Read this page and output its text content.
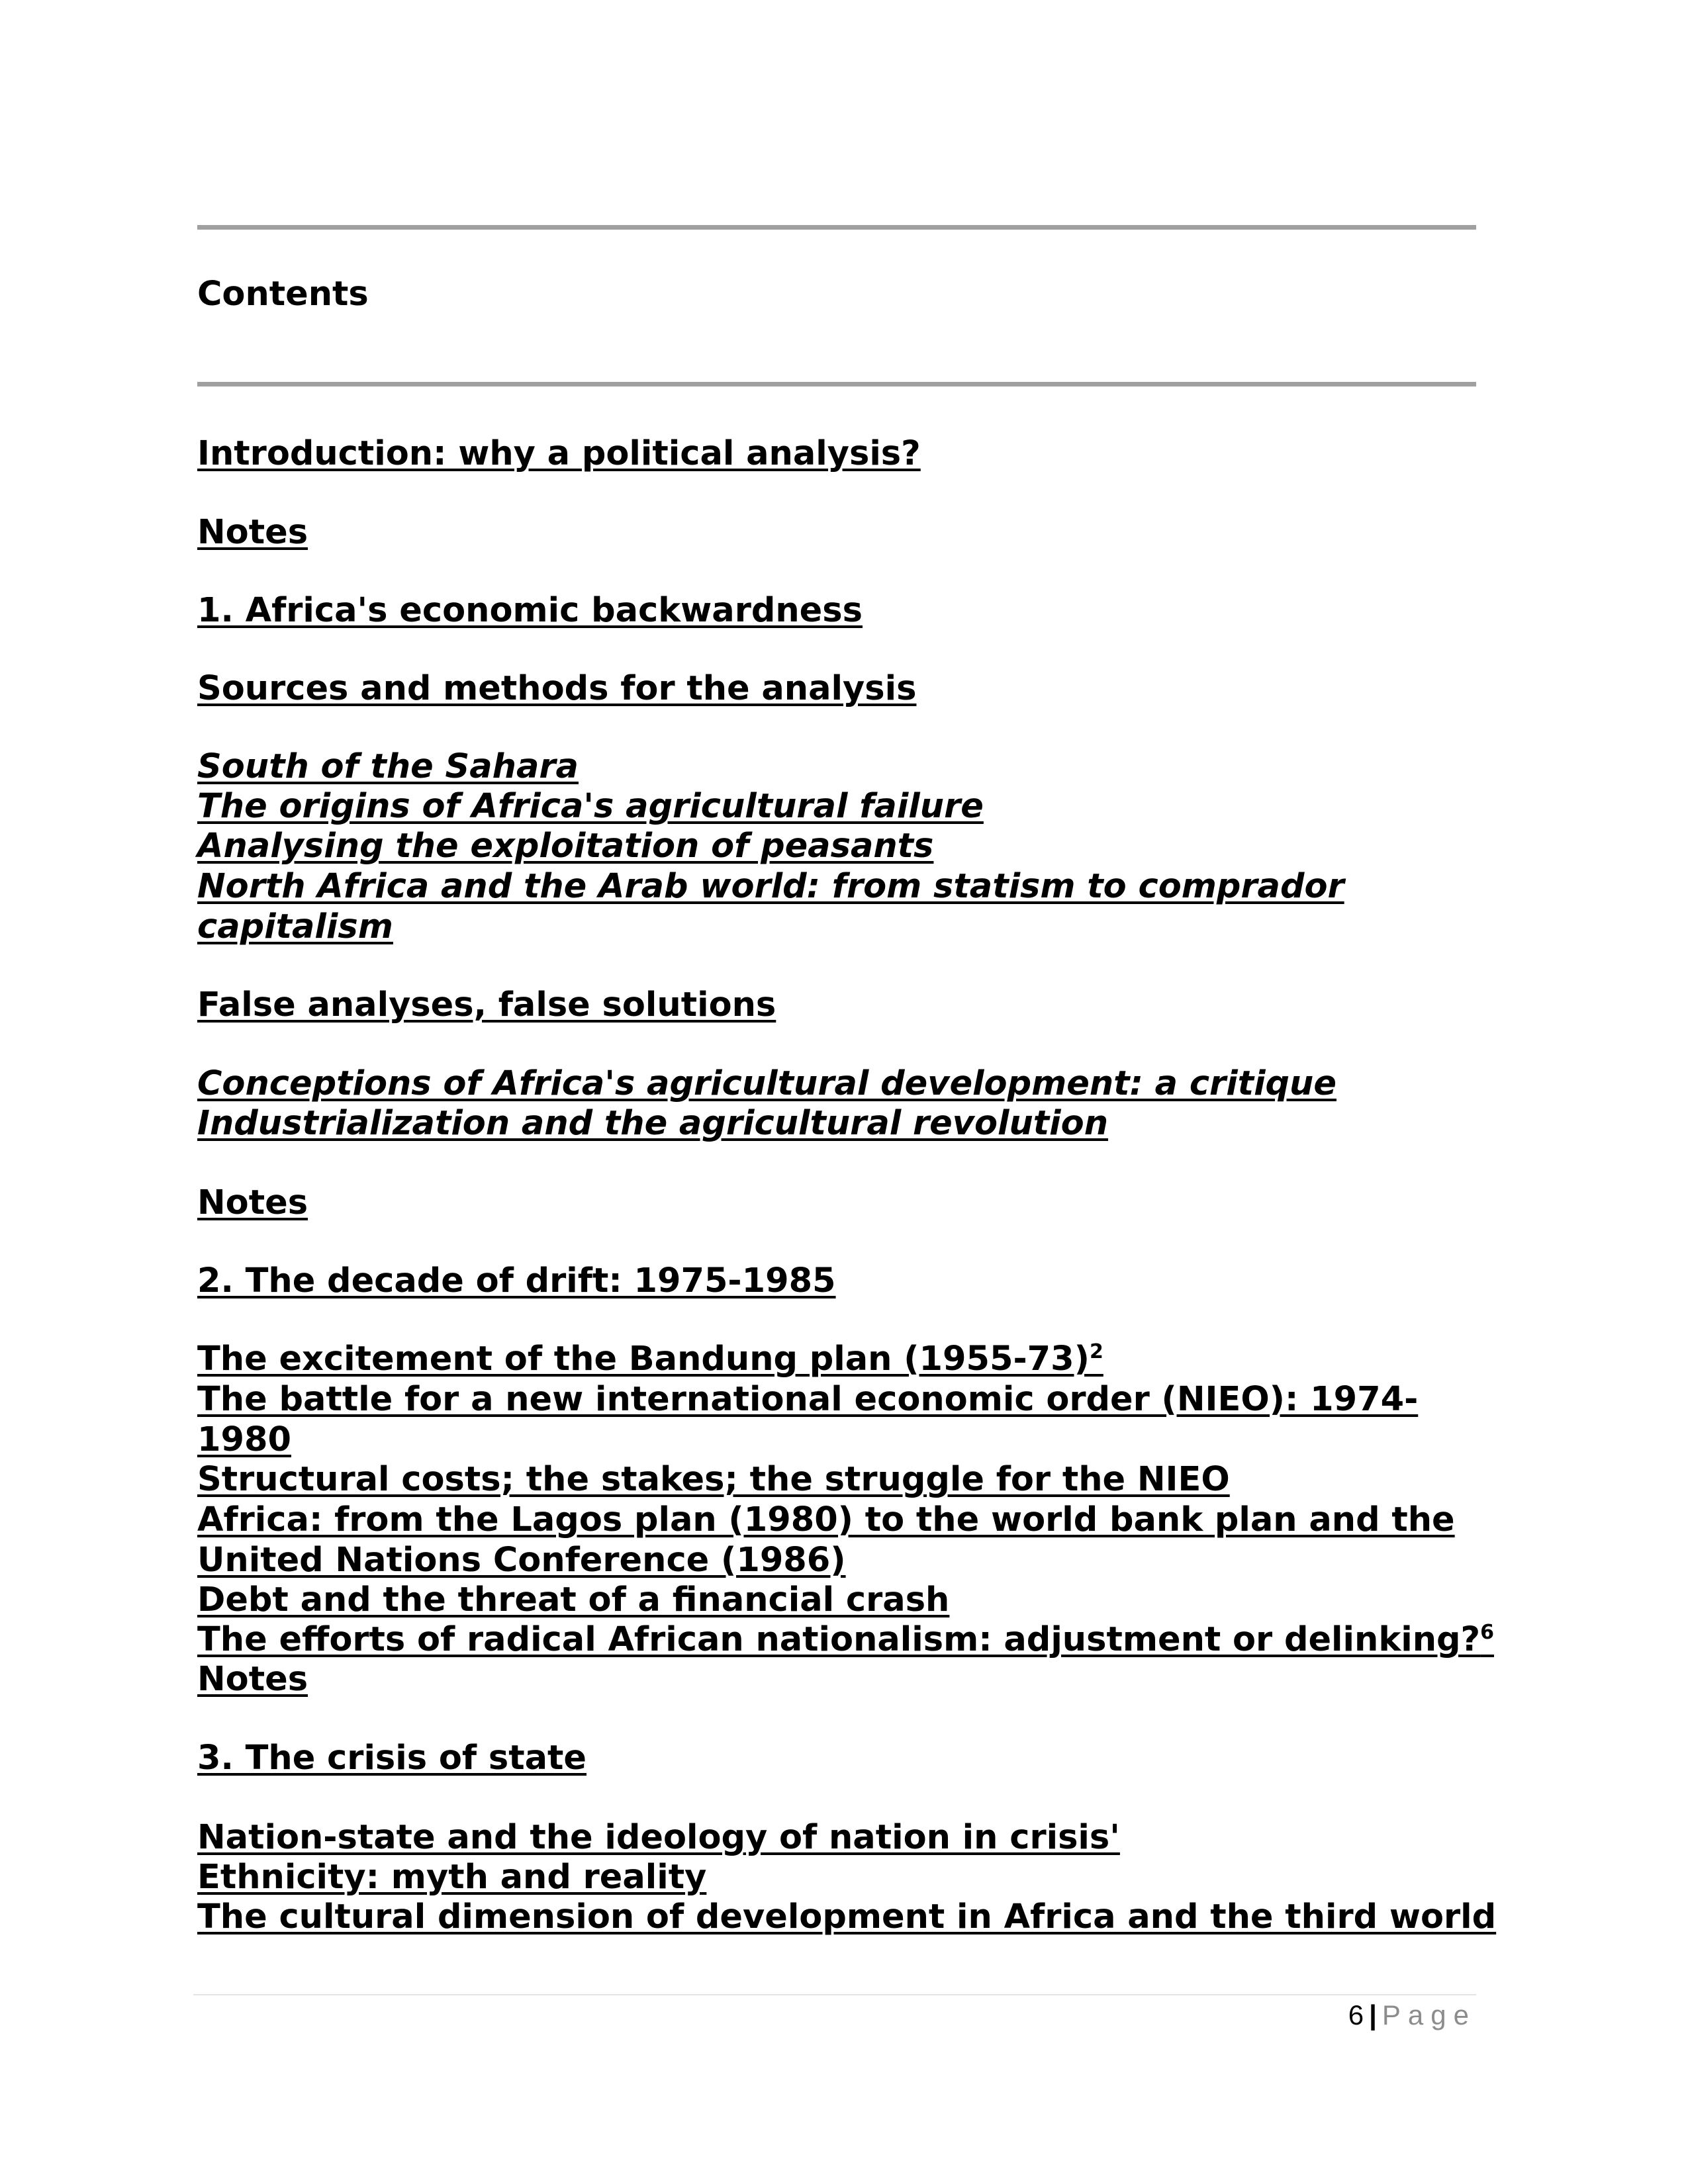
Contents

Introduction: why a political analysis?

Notes

1. Africa's economic backwardness

Sources and methods for the analysis

South of the Sahara

The origins of Africa's agricultural failure

Analysing the exploitation of peasants

North Africa and the Arab world: from statism to comprador capitalism

False analyses, false solutions

Conceptions of Africa's agricultural development: a critique

Industrialization and the agricultural revolution

Notes

2. The decade of drift: 1975-1985

The excitement of the Bandung plan (1955-73)$^2$

The battle for a new international economic order (NIEO): 1974-1980

Structural costs; the stakes; the struggle for the NIEO

Africa: from the Lagos plan (1980) to the world bank plan and the United Nations Conference (1986)

Debt and the threat of a financial crash

The efforts of radical African nationalism: adjustment or delinking?$^6$

Notes

3. The crisis of state

Nation-state and the ideology of nation in crisis'

Ethnicity: myth and reality

The cultural dimension of development in Africa and the third world

6 | Page
